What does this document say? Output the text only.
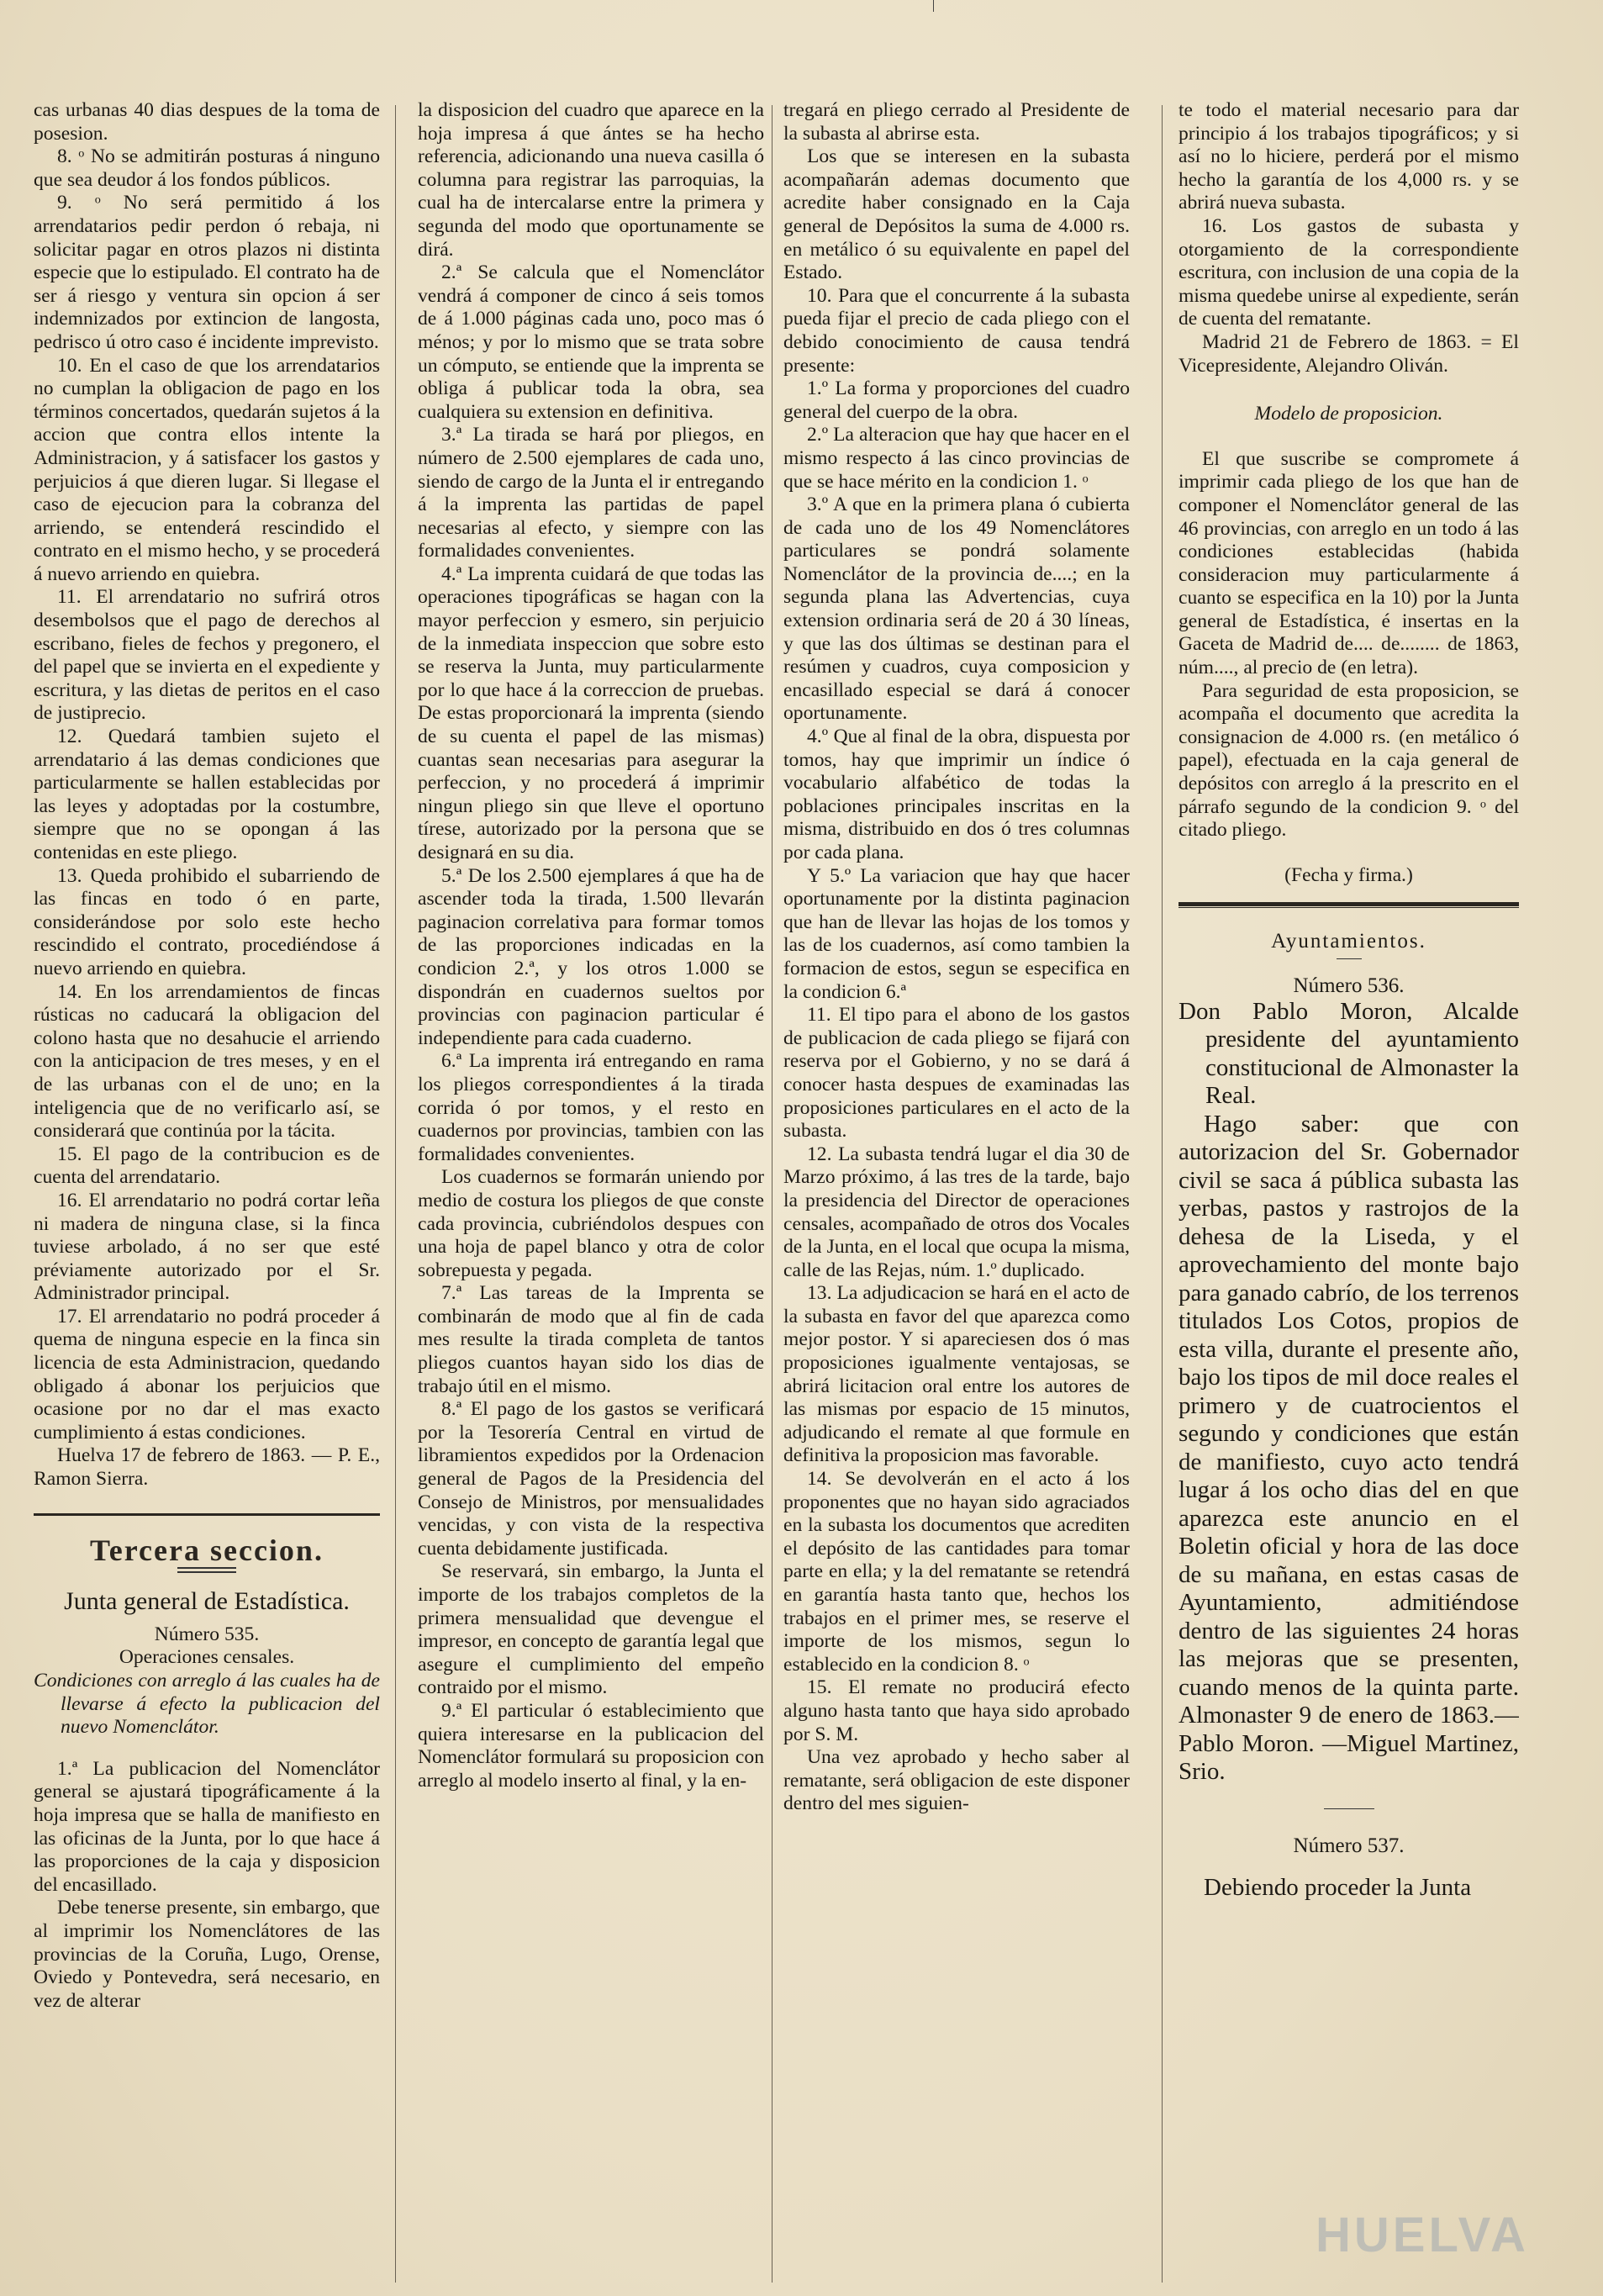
cas urbanas 40 dias despues de la toma de posesion.

8. ᵒ No se admitirán posturas á ninguno que sea deudor á los fondos públicos.

9. ᵒ No será permitido á los arrendatarios pedir perdon ó rebaja, ni solicitar pagar en otros plazos ni distinta especie que lo estipulado. El contrato ha de ser á riesgo y ventura sin opcion á ser indemnizados por extincion de langosta, pedrisco ú otro caso é incidente imprevisto.

10. En el caso de que los arrendatarios no cumplan la obligacion de pago en los términos concertados, quedarán sujetos á la accion que contra ellos intente la Administracion, y á satisfacer los gastos y perjuicios á que dieren lugar. Si llegase el caso de ejecucion para la cobranza del arriendo, se entenderá rescindido el contrato en el mismo hecho, y se procederá á nuevo arriendo en quiebra.

11. El arrendatario no sufrirá otros desembolsos que el pago de derechos al escribano, fieles de fechos y pregonero, el del papel que se invierta en el expediente y escritura, y las dietas de peritos en el caso de justiprecio.

12. Quedará tambien sujeto el arrendatario á las demas condiciones que particularmente se hallen establecidas por las leyes y adoptadas por la costumbre, siempre que no se opongan á las contenidas en este pliego.

13. Queda prohibido el subarriendo de las fincas en todo ó en parte, considerándose por solo este hecho rescindido el contrato, procediéndose á nuevo arriendo en quiebra.

14. En los arrendamientos de fincas rústicas no caducará la obligacion del colono hasta que no desahucie el arriendo con la anticipacion de tres meses, y en el de las urbanas con el de uno; en la inteligencia que de no verificarlo así, se considerará que continúa por la tácita.

15. El pago de la contribucion es de cuenta del arrendatario.

16. El arrendatario no podrá cortar leña ni madera de ninguna clase, si la finca tuviese arbolado, á no ser que esté préviamente autorizado por el Sr. Administrador principal.

17. El arrendatario no podrá proceder á quema de ninguna especie en la finca sin licencia de esta Administracion, quedando obligado á abonar los perjuicios que ocasione por no dar el mas exacto cumplimiento á estas condiciones.

Huelva 17 de febrero de 1863. — P. E., Ramon Sierra.

Tercera seccion.
Junta general de Estadística.

Número 535.

Operaciones censales.

Condiciones con arreglo á las cuales ha de llevarse á efecto la publicacion del nuevo Nomenclátor.

1.ª La publicacion del Nomenclátor general se ajustará tipográficamente á la hoja impresa que se halla de manifiesto en las oficinas de la Junta, por lo que hace á las proporciones de la caja y disposicion del encasillado.

Debe tenerse presente, sin embargo, que al imprimir los Nomenclátores de las provincias de la Coruña, Lugo, Orense, Oviedo y Pontevedra, será necesario, en vez de alterar

la disposicion del cuadro que aparece en la hoja impresa á que ántes se ha hecho referencia, adicionando una nueva casilla ó columna para registrar las parroquias, la cual ha de intercalarse entre la primera y segunda del modo que oportunamente se dirá.

2.ª Se calcula que el Nomenclátor vendrá á componer de cinco á seis tomos de á 1.000 páginas cada uno, poco mas ó ménos; y por lo mismo que se trata sobre un cómputo, se entiende que la imprenta se obliga á publicar toda la obra, sea cualquiera su extension en definitiva.

3.ª La tirada se hará por pliegos, en número de 2.500 ejemplares de cada uno, siendo de cargo de la Junta el ir entregando á la imprenta las partidas de papel necesarias al efecto, y siempre con las formalidades convenientes.

4.ª La imprenta cuidará de que todas las operaciones tipográficas se hagan con la mayor perfeccion y esmero, sin perjuicio de la inmediata inspeccion que sobre esto se reserva la Junta, muy particularmente por lo que hace á la correccion de pruebas. De estas proporcionará la imprenta (siendo de su cuenta el papel de las mismas) cuantas sean necesarias para asegurar la perfeccion, y no procederá á imprimir ningun pliego sin que lleve el oportuno tírese, autorizado por la persona que se designará en su dia.

5.ª De los 2.500 ejemplares á que ha de ascender toda la tirada, 1.500 llevarán paginacion correlativa para formar tomos de las proporciones indicadas en la condicion 2.ª, y los otros 1.000 se dispondrán en cuadernos sueltos por provincias con paginacion particular é independiente para cada cuaderno.

6.ª La imprenta irá entregando en rama los pliegos correspondientes á la tirada corrida ó por tomos, y el resto en cuadernos por provincias, tambien con las formalidades convenientes.

Los cuadernos se formarán uniendo por medio de costura los pliegos de que conste cada provincia, cubriéndolos despues con una hoja de papel blanco y otra de color sobrepuesta y pegada.

7.ª Las tareas de la Imprenta se combinarán de modo que al fin de cada mes resulte la tirada completa de tantos pliegos cuantos hayan sido los dias de trabajo útil en el mismo.

8.ª El pago de los gastos se verificará por la Tesorería Central en virtud de libramientos expedidos por la Ordenacion general de Pagos de la Presidencia del Consejo de Ministros, por mensualidades vencidas, y con vista de la respectiva cuenta debidamente justificada.

Se reservará, sin embargo, la Junta el importe de los trabajos completos de la primera mensualidad que devengue el impresor, en concepto de garantía legal que asegure el cumplimiento del empeño contraido por el mismo.

9.ª El particular ó establecimiento que quiera interesarse en la publicacion del Nomenclátor formulará su proposicion con arreglo al modelo inserto al final, y la en-

tregará en pliego cerrado al Presidente de la subasta al abrirse esta.

Los que se interesen en la subasta acompañarán ademas documento que acredite haber consignado en la Caja general de Depósitos la suma de 4.000 rs. en metálico ó su equivalente en papel del Estado.

10. Para que el concurrente á la subasta pueda fijar el precio de cada pliego con el debido conocimiento de causa tendrá presente:

1.º La forma y proporciones del cuadro general del cuerpo de la obra.

2.º La alteracion que hay que hacer en el mismo respecto á las cinco provincias de que se hace mérito en la condicion 1. ᵒ

3.º A que en la primera plana ó cubierta de cada uno de los 49 Nomenclátores particulares se pondrá solamente Nomenclátor de la provincia de....; en la segunda plana las Advertencias, cuya extension ordinaria será de 20 á 30 líneas, y que las dos últimas se destinan para el resúmen y cuadros, cuya composicion y encasillado especial se dará á conocer oportunamente.

4.º Que al final de la obra, dispuesta por tomos, hay que imprimir un índice ó vocabulario alfabético de todas la poblaciones principales inscritas en la misma, distribuido en dos ó tres columnas por cada plana.

Y 5.º La variacion que hay que hacer oportunamente por la distinta paginacion que han de llevar las hojas de los tomos y las de los cuadernos, así como tambien la formacion de estos, segun se especifica en la condicion 6.ª

11. El tipo para el abono de los gastos de publicacion de cada pliego se fijará con reserva por el Gobierno, y no se dará á conocer hasta despues de examinadas las proposiciones particulares en el acto de la subasta.

12. La subasta tendrá lugar el dia 30 de Marzo próximo, á las tres de la tarde, bajo la presidencia del Director de operaciones censales, acompañado de otros dos Vocales de la Junta, en el local que ocupa la misma, calle de las Rejas, núm. 1.º duplicado.

13. La adjudicacion se hará en el acto de la subasta en favor del que aparezca como mejor postor. Y si apareciesen dos ó mas proposiciones igualmente ventajosas, se abrirá licitacion oral entre los autores de las mismas por espacio de 15 minutos, adjudicando el remate al que formule en definitiva la proposicion mas favorable.

14. Se devolverán en el acto á los proponentes que no hayan sido agraciados en la subasta los documentos que acrediten el depósito de las cantidades para tomar parte en ella; y la del rematante se retendrá en garantía hasta tanto que, hechos los trabajos en el primer mes, se reserve el importe de los mismos, segun lo establecido en la condicion 8. ᵒ

15. El remate no producirá efecto alguno hasta tanto que haya sido aprobado por S. M.

Una vez aprobado y hecho saber al rematante, será obligacion de este disponer dentro del mes siguien-

te todo el material necesario para dar principio á los trabajos tipográficos; y si así no lo hiciere, perderá por el mismo hecho la garantía de los 4,000 rs. y se abrirá nueva subasta.

16. Los gastos de subasta y otorgamiento de la correspondiente escritura, con inclusion de una copia de la misma quedebe unirse al expediente, serán de cuenta del rematante.

Madrid 21 de Febrero de 1863. = El Vicepresidente, Alejandro Oliván.

Modelo de proposicion.

El que suscribe se compromete á imprimir cada pliego de los que han de componer el Nomenclátor general de las 46 provincias, con arreglo en un todo á las condiciones establecidas (habida consideracion muy particularmente á cuanto se especifica en la 10) por la Junta general de Estadística, é insertas en la Gaceta de Madrid de.... de........ de 1863, núm...., al precio de (en letra).

Para seguridad de esta proposicion, se acompaña el documento que acredita la consignacion de 4.000 rs. (en metálico ó papel), efectuada en la caja general de depósitos con arreglo á la prescrito en el párrafo segundo de la condicion 9. ᵒ del citado pliego.

(Fecha y firma.)

Ayuntamientos.

Número 536.

Don Pablo Moron, Alcalde presidente del ayuntamiento constitucional de Almonaster la Real.

Hago saber: que con autorizacion del Sr. Gobernador civil se saca á pública subasta las yerbas, pastos y rastrojos de la dehesa de la Liseda, y el aprovechamiento del monte bajo para ganado cabrío, de los terrenos titulados Los Cotos, propios de esta villa, durante el presente año, bajo los tipos de mil doce reales el primero y de cuatrocientos el segundo y condiciones que están de manifiesto, cuyo acto tendrá lugar á los ocho dias del en que aparezca este anuncio en el Boletin oficial y hora de las doce de su mañana, en estas casas de Ayuntamiento, admitiéndose dentro de las siguientes 24 horas las mejoras que se presenten, cuando menos de la quinta parte. Almonaster 9 de enero de 1863.— Pablo Moron. —Miguel Martinez, Srio.

Número 537.

Debiendo proceder la Junta

HUELVA
